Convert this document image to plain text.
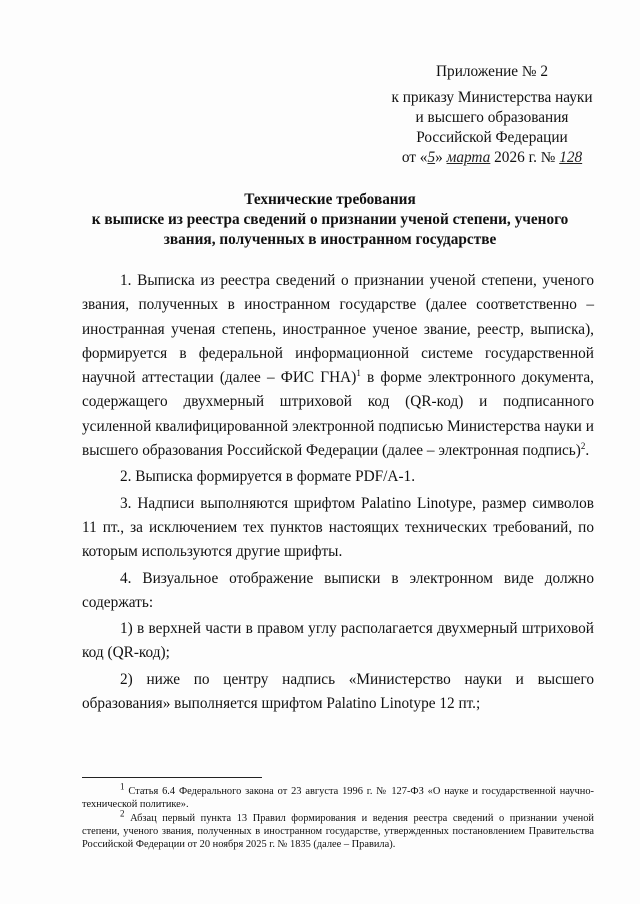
Приложение № 2
к приказу Министерства науки
и высшего образования
Российской Федерации
от «5» марта 2026 г. № 128
Технические требования
к выписке из реестра сведений о признании ученой степени, ученого
звания, полученных в иностранном государстве

1. Выписка из реестра сведений о признании ученой степени, ученого звания, полученных в иностранном государстве (далее соответственно – иностранная ученая степень, иностранное ученое звание, реестр, выписка), формируется в федеральной информационной системе государственной научной аттестации (далее – ФИС ГНА)$^1$ в форме электронного документа, содержащего двухмерный штриховой код (QR-код) и подписанного усиленной квалифицированной электронной подписью Министерства науки и высшего образования Российской Федерации (далее – электронная подпись)$^2$.

2. Выписка формируется в формате PDF/A-1.

3. Надписи выполняются шрифтом Palatino Linotype, размер символов 11 пт., за исключением тех пунктов настоящих технических требований, по которым используются другие шрифты.

4. Визуальное отображение выписки в электронном виде должно содержать:

1) в верхней части в правом углу располагается двухмерный штриховой код (QR-код);

2) ниже по центру надпись «Министерство науки и высшего образования» выполняется шрифтом Palatino Linotype 12 пт.;

$^1$ Статья 6.4 Федерального закона от 23 августа 1996 г. № 127-ФЗ «О науке и государственной научно-технической политике».

$^2$ Абзац первый пункта 13 Правил формирования и ведения реестра сведений о признании ученой степени, ученого звания, полученных в иностранном государстве, утвержденных постановлением Правительства Российской Федерации от 20 ноября 2025 г. № 1835 (далее – Правила).
